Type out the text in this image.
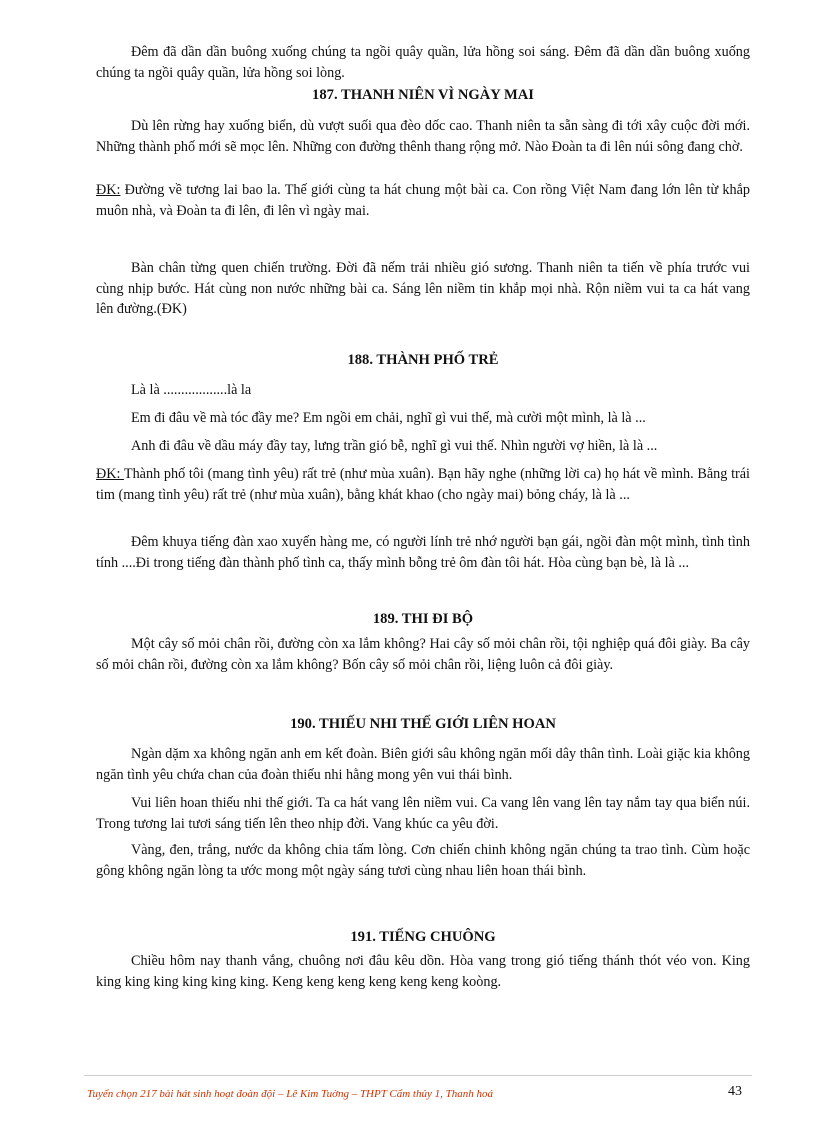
Đêm đã dần dần buông xuống chúng ta ngồi quây quần, lửa hồng soi sáng. Đêm đã dần dần buông xuống chúng ta ngồi quây quần, lửa hồng soi lòng.

187. THANH NIÊN VÌ NGÀY MAI

Dù lên rừng hay xuống biển, dù vượt suối qua đèo dốc cao. Thanh niên ta sẵn sàng đi tới xây cuộc đời mới. Những thành phố mới sẽ mọc lên. Những con đường thênh thang rộng mở. Nào Đoàn ta đi lên núi sông đang chờ.

ĐK: Đường về tương lai bao la. Thế giới cùng ta hát chung một bài ca. Con rồng Việt Nam đang lớn lên từ khắp muôn nhà, và Đoàn ta đi lên, đi lên vì ngày mai.

Bàn chân từng quen chiến trường. Đời đã nếm trải nhiều gió sương. Thanh niên ta tiến về phía trước vui cùng nhịp bước. Hát cùng non nước những bài ca. Sáng lên niềm tin khắp mọi nhà. Rộn niềm vui ta ca hát vang lên đường.(ĐK)

188. THÀNH PHỐ TRẺ

Là là ..................là la

Em đi đâu về mà tóc đầy me? Em ngồi em chải, nghĩ gì vui thế, mà cười một mình, là là ...

Anh đi đâu về dầu máy đầy tay, lưng trần gió bễ, nghĩ gì vui thế. Nhìn người vợ hiền, là là ...

ĐK: Thành phố tôi (mang tình yêu) rất trẻ (như mùa xuân). Bạn hãy nghe (những lời ca) họ hát về mình. Bằng trái tim (mang tình yêu) rất trẻ (như mùa xuân), bằng khát khao (cho ngày mai) bỏng cháy, là là ...

Đêm khuya tiếng đàn xao xuyến hàng me, có người lính trẻ nhớ người bạn gái, ngồi đàn một mình, tình tình tính ....Đi trong tiếng đàn thành phố tình ca, thấy mình bỗng trẻ ôm đàn tôi hát. Hòa cùng bạn bè, là là ...

189. THI ĐI BỘ

Một cây số mỏi chân rồi, đường còn xa lắm không? Hai cây số mỏi chân rồi, tội nghiệp quá đôi giày. Ba cây số mỏi chân rồi, đường còn xa lắm không? Bốn cây số mỏi chân rồi, liệng luôn cả đôi giày.

190. THIẾU NHI THẾ GIỚI LIÊN HOAN

Ngàn dặm xa không ngăn anh em kết đoàn. Biên giới sâu không ngăn mối dây thân tình. Loài giặc kia không ngăn tình yêu chứa chan của đoàn thiếu nhi hằng mong yên vui thái bình.

Vui liên hoan thiếu nhi thế giới. Ta ca hát vang lên niềm vui. Ca vang lên vang lên tay nắm tay qua biển núi. Trong tương lai tươi sáng tiến lên theo nhịp đời. Vang khúc ca yêu đời.

Vàng, đen, trắng, nước da không chia tấm lòng. Cơn chiến chinh không ngăn chúng ta trao tình. Cùm hoặc gông không ngăn lòng ta ước mong một ngày sáng tươi cùng nhau liên hoan thái bình.

191. TIẾNG CHUÔNG

Chiều hôm nay thanh vắng, chuông nơi đâu kêu dồn. Hòa vang trong gió tiếng thánh thót véo von. King king king king king king king. Keng keng keng keng keng keng koòng.

Tuyển chọn 217 bài hát sinh hoạt đoàn đội – Lê Kim Tuờng – THPT Cẩm thủy 1, Thanh hoá	43
